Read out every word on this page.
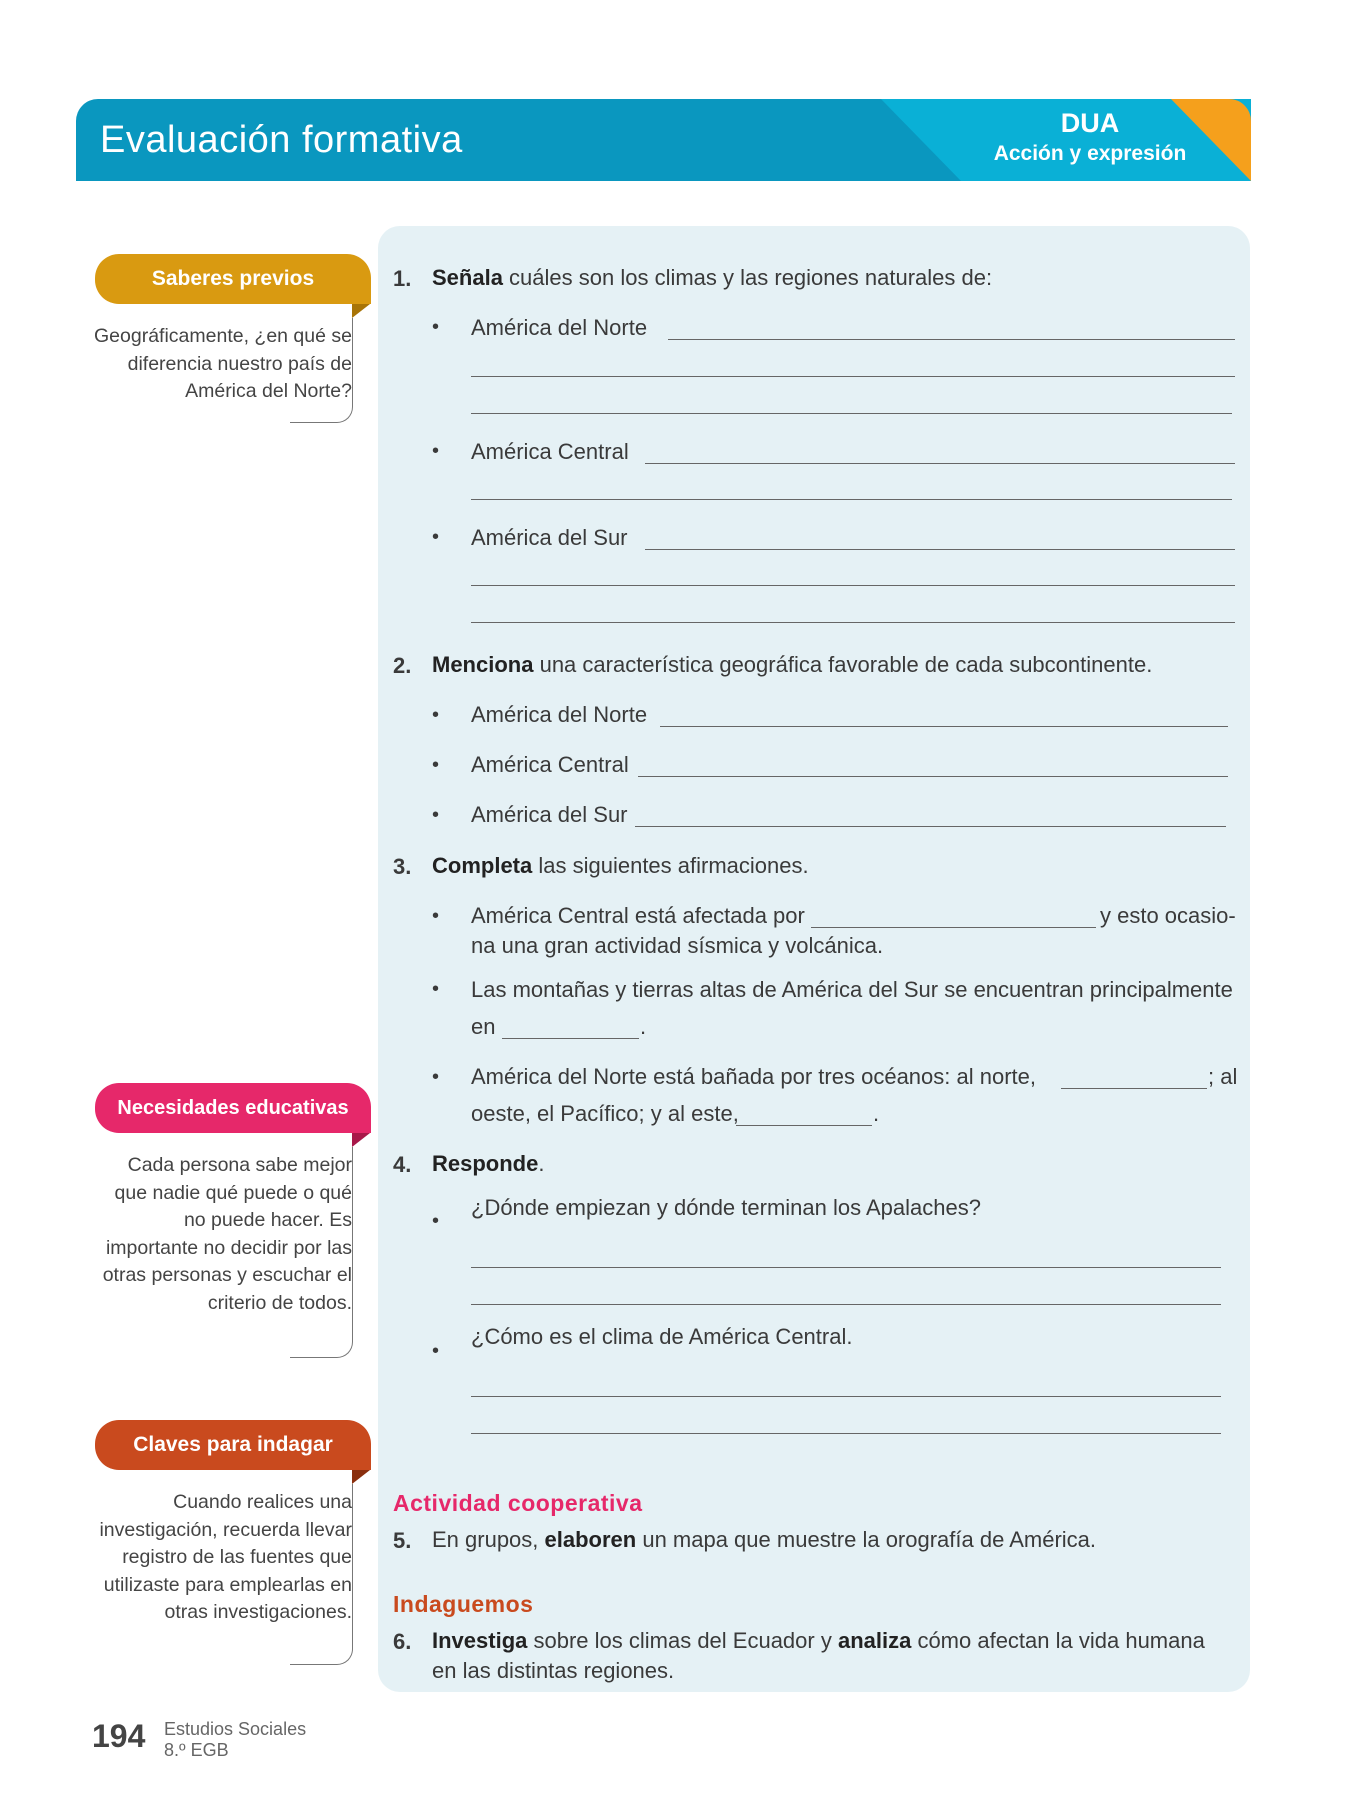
Evaluación formativa	DUA
Acción y expresión
Saberes previos
Geográficamente, ¿en qué se diferencia nuestro país de América del Norte?
Necesidades educativas
Cada persona sabe mejor que nadie qué puede o qué no puede hacer. Es importante no decidir por las otras personas y escuchar el criterio de todos.
Claves para indagar
Cuando realices una investigación, recuerda llevar registro de las fuentes que utilizaste para emplearlas en otras investigaciones.
1. Señala cuáles son los climas y las regiones naturales de:
• América del Norte
• América Central
• América del Sur
2. Menciona una característica geográfica favorable de cada subcontinente.
• América del Norte
• América Central
• América del Sur
3. Completa las siguientes afirmaciones.
• América Central está afectada por	y esto ocasio-
na una gran actividad sísmica y volcánica.
• Las montañas y tierras altas de América del Sur se encuentran principalmente
en	.
• América del Norte está bañada por tres océanos: al norte,	; al
oeste, el Pacífico; y al este,	.
4. Responde.
•
¿Dónde empiezan y dónde terminan los Apalaches?
•
¿Cómo es el clima de América Central.
Actividad cooperativa
5. En grupos, elaboren un mapa que muestre la orografía de América.
Indaguemos
6. Investiga sobre los climas del Ecuador y analiza cómo afectan la vida humana
en las distintas regiones.
194 Estudios Sociales
8.º EGB
